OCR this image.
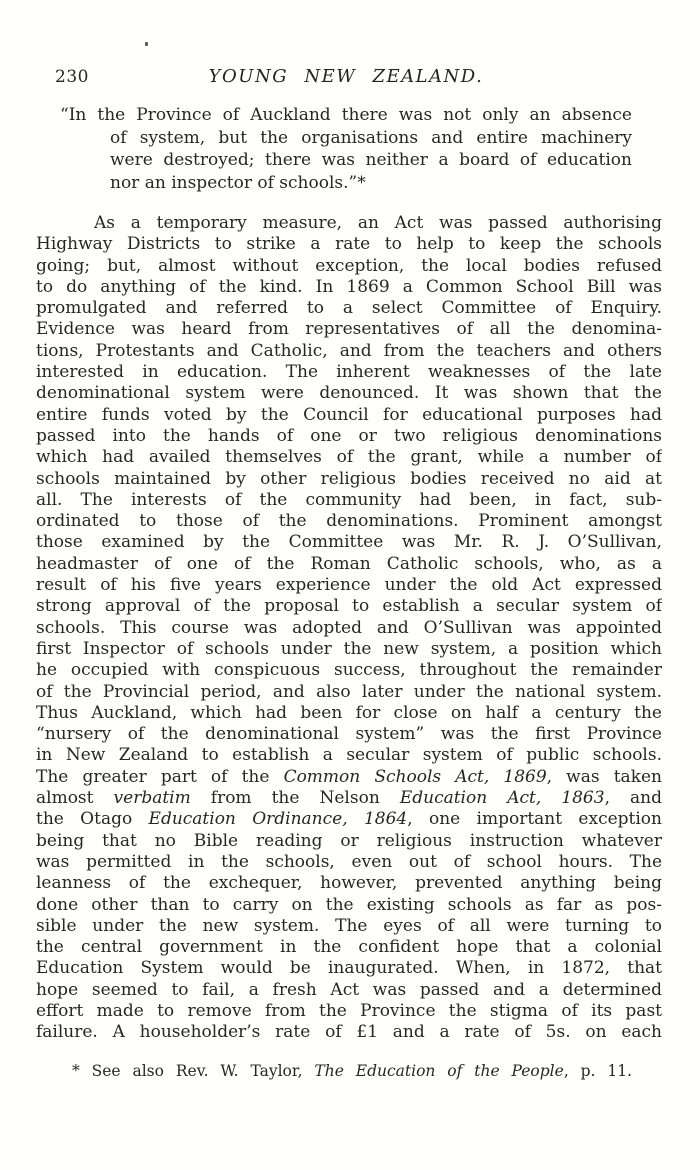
YOUNG NEW ZEALAND.
230
“In the Province of Auckland there was not only an absence
of system, but the organisations and entire machinery
were destroyed; there was neither a board of education
nor an inspector of schools.”*
As a temporary measure, an Act was passed authorising
Highway Districts to strike a rate to help to keep the schools
going; but, almost without exception, the local bodies refused
to do anything of the kind. In 1869 a Common School Bill was
promulgated and referred to a select Committee of Enquiry.
Evidence was heard from representatives of all the denomina-
tions, Protestants and Catholic, and from the teachers and others
interested in education. The inherent weaknesses of the late
denominational system were denounced. It was shown that the
entire funds voted by the Council for educational purposes had
passed into the hands of one or two religious denominations
which had availed themselves of the grant, while a number of
schools maintained by other religious bodies received no aid at
all. The interests of the community had been, in fact, sub-
ordinated to those of the denominations. Prominent amongst
those examined by the Committee was Mr. R. J. O’Sullivan,
headmaster of one of the Roman Catholic schools, who, as a
result of his five years experience under the old Act expressed
strong approval of the proposal to establish a secular system of
schools. This course was adopted and O’Sullivan was appointed
first Inspector of schools under the new system, a position which
he occupied with conspicuous success, throughout the remainder
of the Provincial period, and also later under the national system.
Thus Auckland, which had been for close on half a century the
“nursery of the denominational system” was the first Province
in New Zealand to establish a secular system of public schools.
The greater part of the Common Schools Act, 1869, was taken
almost verbatim from the Nelson Education Act, 1863, and
the Otago Education Ordinance, 1864, one important exception
being that no Bible reading or religious instruction whatever
was permitted in the schools, even out of school hours. The
leanness of the exchequer, however, prevented anything being
done other than to carry on the existing schools as far as pos-
sible under the new system. The eyes of all were turning to
the central government in the confident hope that a colonial
Education System would be inaugurated. When, in 1872, that
hope seemed to fail, a fresh Act was passed and a determined
effort made to remove from the Province the stigma of its past
failure. A householder’s rate of £1 and a rate of 5s. on each
* See also Rev. W. Taylor, The Education of the People, p. 11.
